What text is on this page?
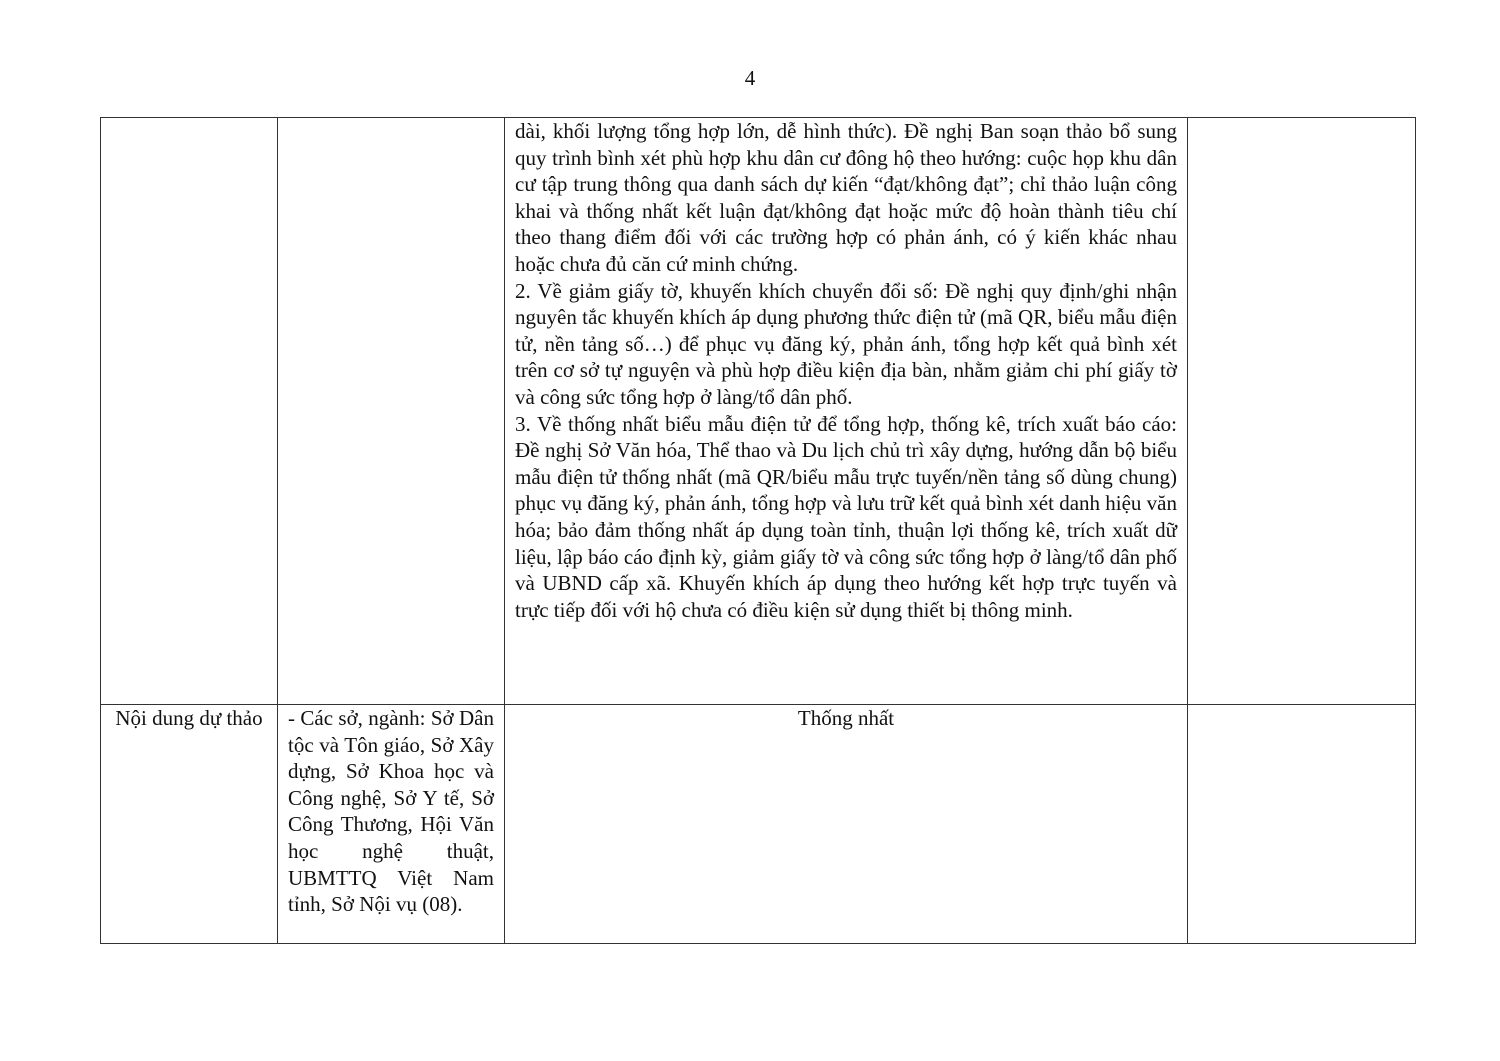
4

		dài, khối lượng tổng hợp lớn, dễ hình thức). Đề nghị Ban soạn thảo bổ sung quy trình bình xét phù hợp khu dân cư đông hộ theo hướng: cuộc họp khu dân cư tập trung thông qua danh sách dự kiến “đạt/không đạt”; chỉ thảo luận công khai và thống nhất kết luận đạt/không đạt hoặc mức độ hoàn thành tiêu chí theo thang điểm đối với các trường hợp có phản ánh, có ý kiến khác nhau hoặc chưa đủ căn cứ minh chứng.

2. Về giảm giấy tờ, khuyến khích chuyển đổi số: Đề nghị quy định/ghi nhận nguyên tắc khuyến khích áp dụng phương thức điện tử (mã QR, biểu mẫu điện tử, nền tảng số…) để phục vụ đăng ký, phản ánh, tổng hợp kết quả bình xét trên cơ sở tự nguyện và phù hợp điều kiện địa bàn, nhằm giảm chi phí giấy tờ và công sức tổng hợp ở làng/tổ dân phố.

3. Về thống nhất biểu mẫu điện tử để tổng hợp, thống kê, trích xuất báo cáo: Đề nghị Sở Văn hóa, Thể thao và Du lịch chủ trì xây dựng, hướng dẫn bộ biểu mẫu điện tử thống nhất (mã QR/biểu mẫu trực tuyến/nền tảng số dùng chung) phục vụ đăng ký, phản ánh, tổng hợp và lưu trữ kết quả bình xét danh hiệu văn hóa; bảo đảm thống nhất áp dụng toàn tỉnh, thuận lợi thống kê, trích xuất dữ liệu, lập báo cáo định kỳ, giảm giấy tờ và công sức tổng hợp ở làng/tổ dân phố và UBND cấp xã. Khuyến khích áp dụng theo hướng kết hợp trực tuyến và trực tiếp đối với hộ chưa có điều kiện sử dụng thiết bị thông minh.	

Nội dung dự thảo	- Các sở, ngành: Sở Dân tộc và Tôn giáo, Sở Xây dựng, Sở Khoa học và Công nghệ, Sở Y tế, Sở Công Thương, Hội Văn học nghệ thuật, UBMTTQ Việt Nam tỉnh, Sở Nội vụ (08).	Thống nhất	
